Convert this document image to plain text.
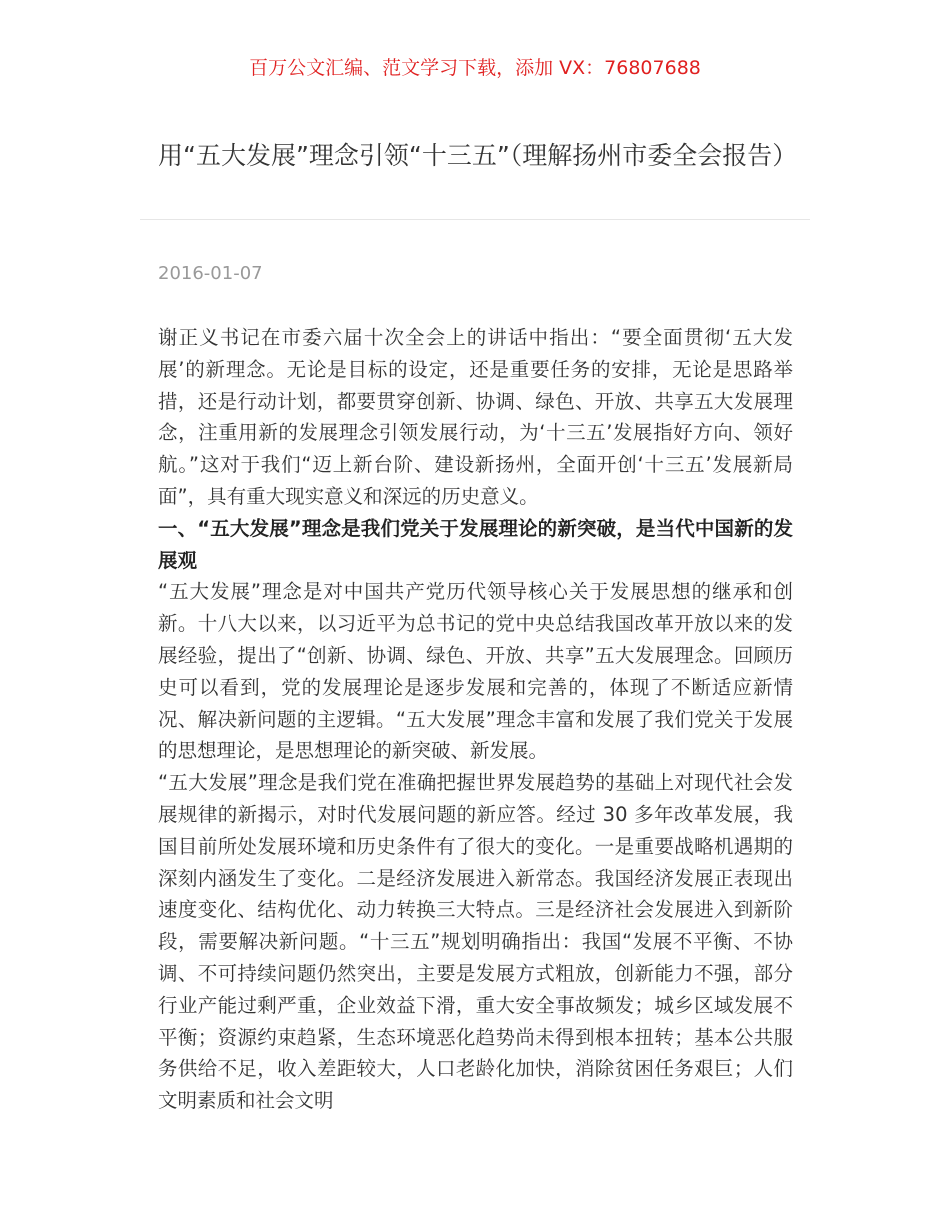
百万公文汇编、范文学习下载，添加 VX：76807688
用“五大发展”理念引领“十三五”（理解扬州市委全会报告）
2016-01-07

谢正义书记在市委六届十次全会上的讲话中指出：“要全面贯彻‘五大发展’的新理念。无论是目标的设定，还是重要任务的安排，无论是思路举措，还是行动计划，都要贯穿创新、协调、绿色、开放、共享五大发展理念，注重用新的发展理念引领发展行动，为‘十三五’发展指好方向、领好航。”这对于我们“迈上新台阶、建设新扬州，全面开创‘十三五’发展新局面”，具有重大现实意义和深远的历史意义。

一、“五大发展”理念是我们党关于发展理论的新突破，是当代中国新的发展观

“五大发展”理念是对中国共产党历代领导核心关于发展思想的继承和创新。十八大以来，以习近平为总书记的党中央总结我国改革开放以来的发展经验，提出了“创新、协调、绿色、开放、共享”五大发展理念。回顾历史可以看到，党的发展理论是逐步发展和完善的，体现了不断适应新情况、解决新问题的主逻辑。“五大发展”理念丰富和发展了我们党关于发展的思想理论，是思想理论的新突破、新发展。

“五大发展”理念是我们党在准确把握世界发展趋势的基础上对现代社会发展规律的新揭示，对时代发展问题的新应答。经过 30 多年改革发展，我国目前所处发展环境和历史条件有了很大的变化。一是重要战略机遇期的深刻内涵发生了变化。二是经济发展进入新常态。我国经济发展正表现出速度变化、结构优化、动力转换三大特点。三是经济社会发展进入到新阶段，需要解决新问题。“十三五”规划明确指出：我国“发展不平衡、不协调、不可持续问题仍然突出，主要是发展方式粗放，创新能力不强，部分行业产能过剩严重，企业效益下滑，重大安全事故频发；城乡区域发展不平衡；资源约束趋紧，生态环境恶化趋势尚未得到根本扭转；基本公共服务供给不足，收入差距较大，人口老龄化加快，消除贫困任务艰巨；人们文明素质和社会文明
